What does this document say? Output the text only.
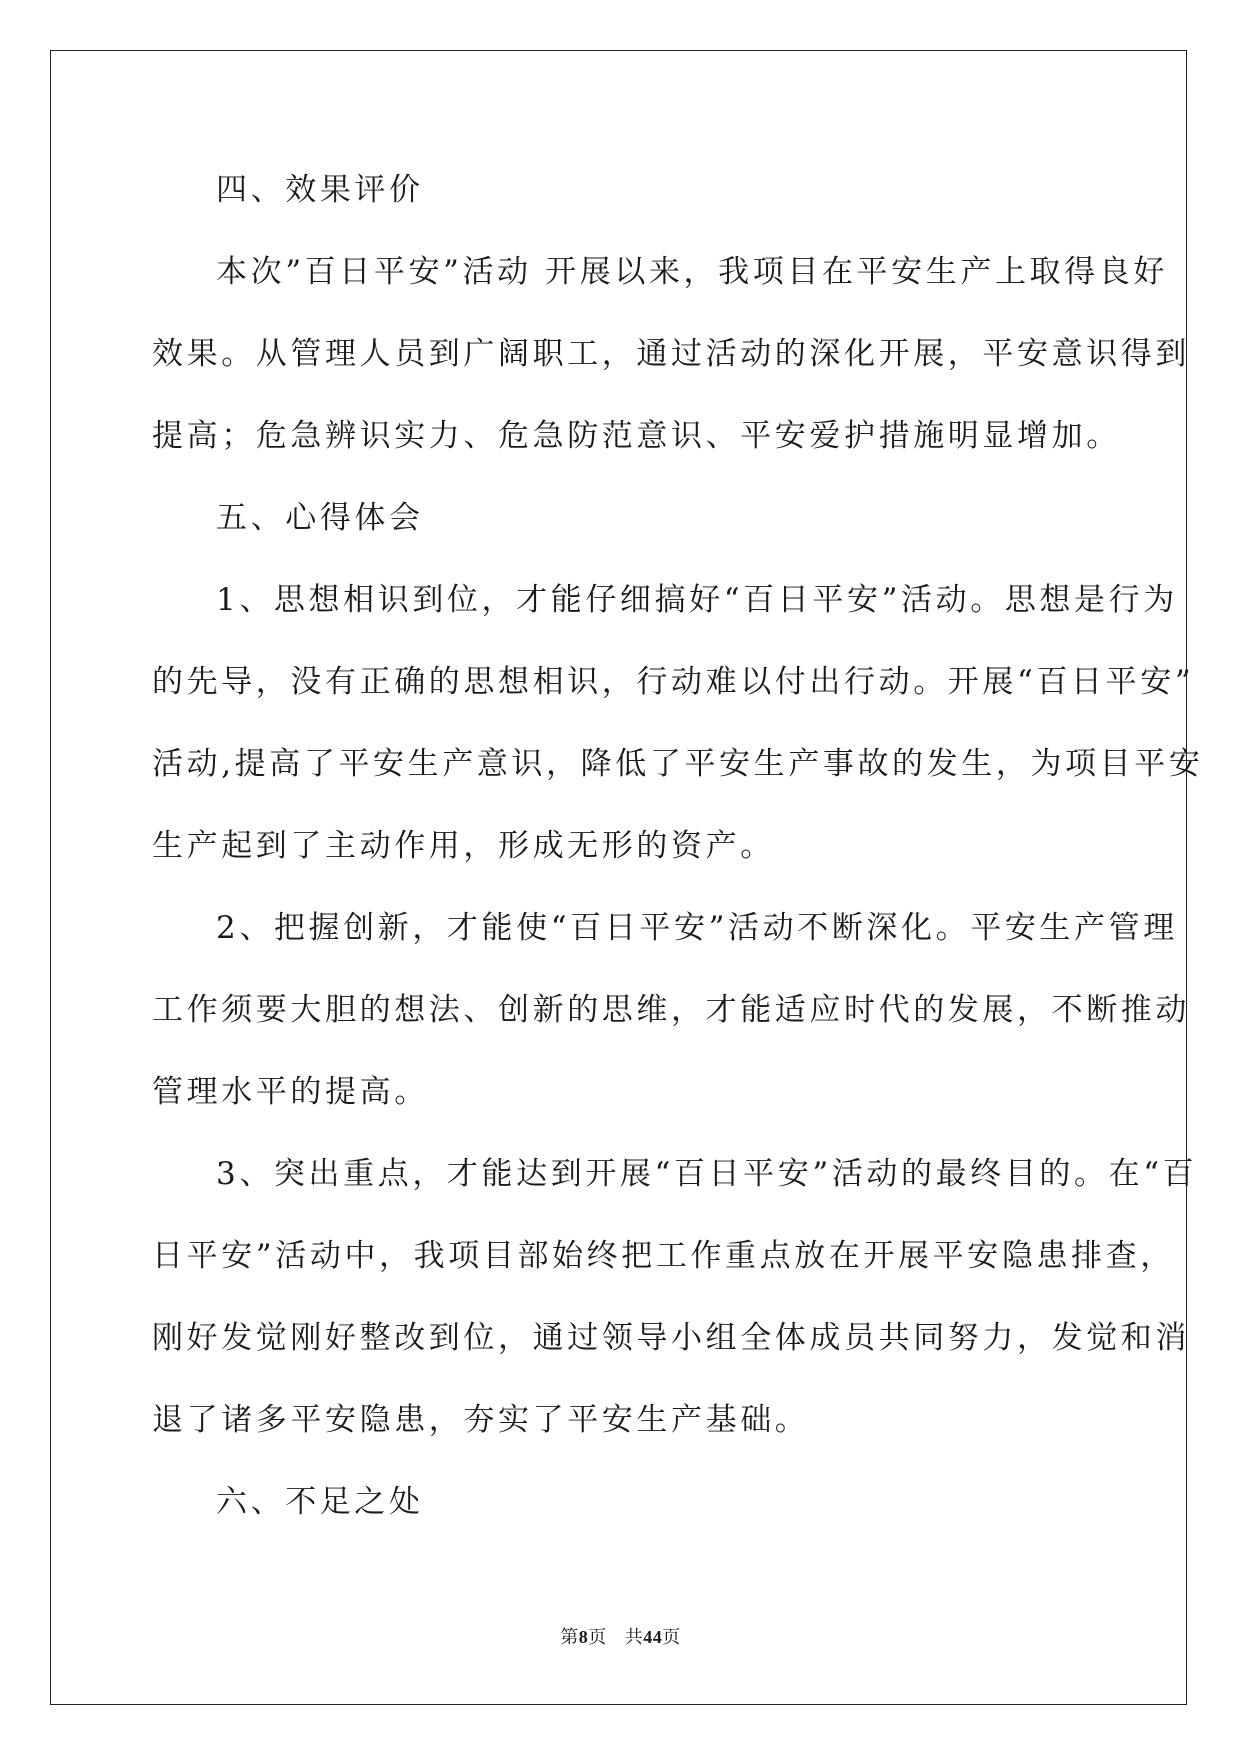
四、效果评价
本次”百日平安”活动 开展以来，我项目在平安生产上取得良好
效果。从管理人员到广阔职工，通过活动的深化开展，平安意识得到
提高；危急辨识实力、危急防范意识、平安爱护措施明显增加。
五、心得体会
1、思想相识到位，才能仔细搞好“百日平安”活动。思想是行为
的先导，没有正确的思想相识，行动难以付出行动。开展“百日平安”
活动,提高了平安生产意识，降低了平安生产事故的发生，为项目平安
生产起到了主动作用，形成无形的资产。
2、把握创新，才能使“百日平安”活动不断深化。平安生产管理
工作须要大胆的想法、创新的思维，才能适应时代的发展，不断推动
管理水平的提高。
3、突出重点，才能达到开展“百日平安”活动的最终目的。在“百
日平安”活动中，我项目部始终把工作重点放在开展平安隐患排查，
刚好发觉刚好整改到位，通过领导小组全体成员共同努力，发觉和消
退了诸多平安隐患，夯实了平安生产基础。
六、不足之处
第8页 共44页
